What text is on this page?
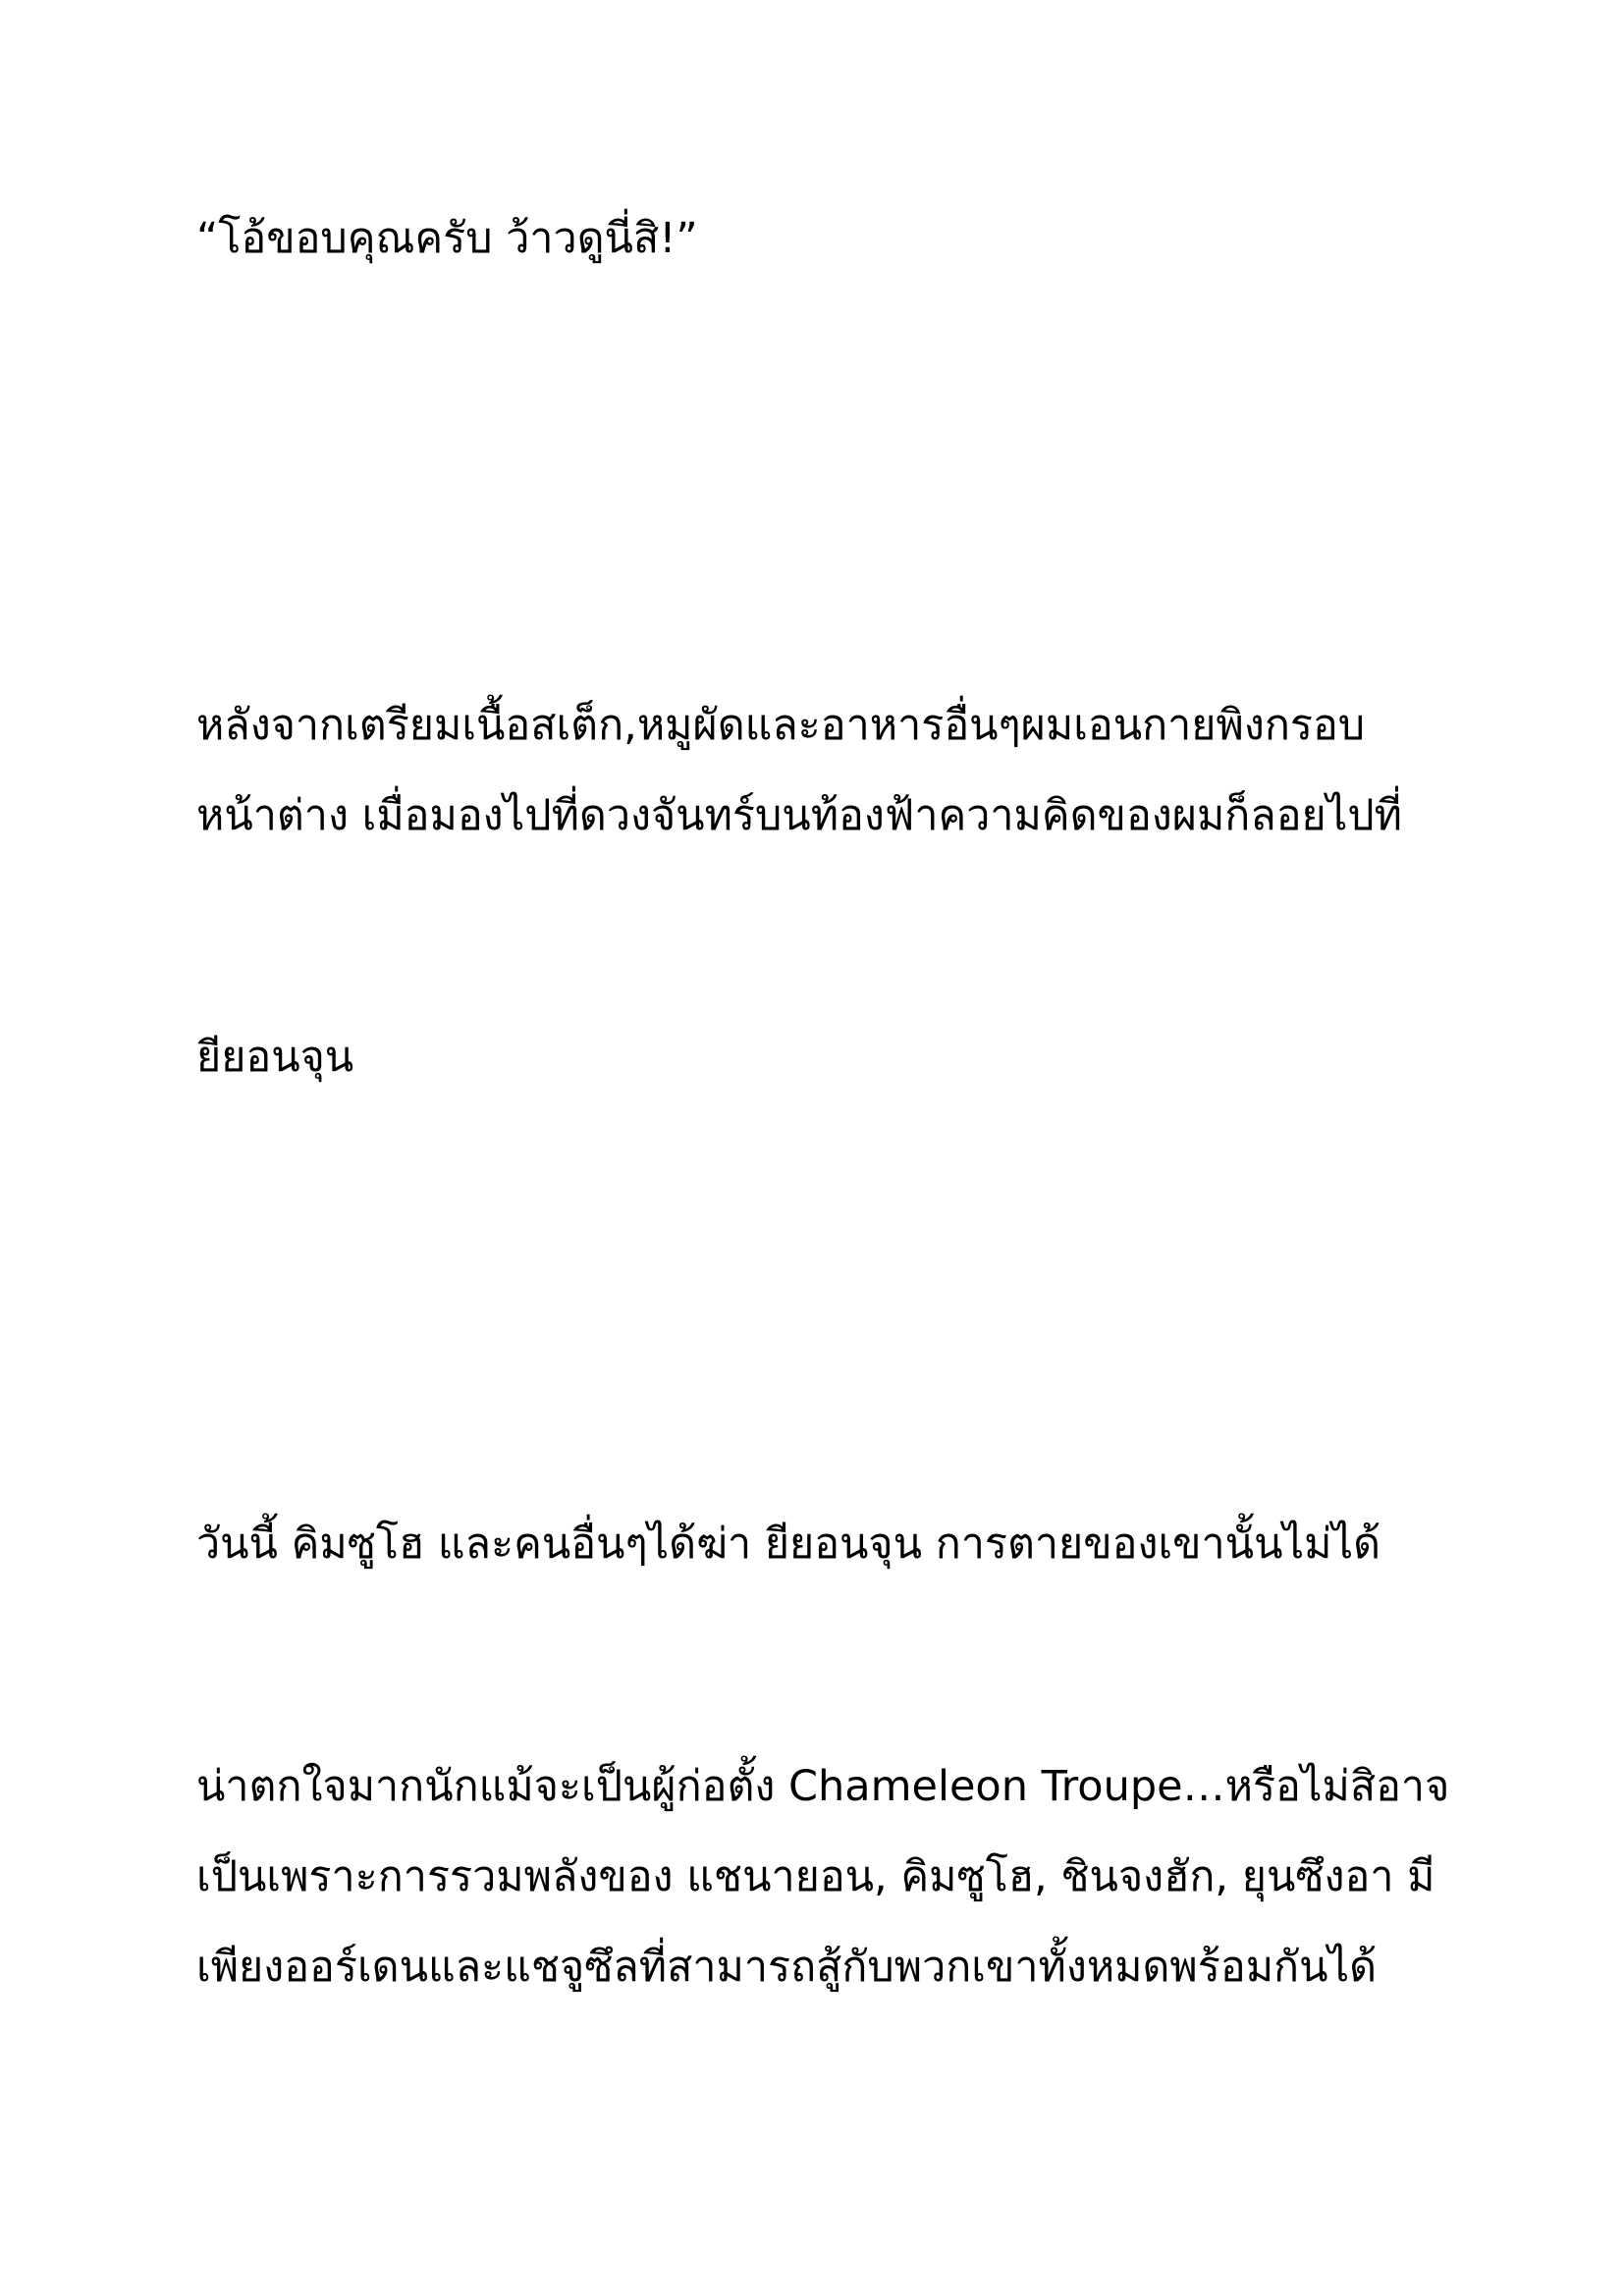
“โอ้ขอบคุณครับ ว้าวดูนี่สิ!”

หลังจากเตรียมเนื้อสเต็ก,หมูผัดและอาหารอื่นๆผมเอนกายพิงกรอบ

หน้าต่าง เมื่อมองไปที่ดวงจันทร์บนท้องฟ้าความคิดของผมก็ลอยไปที่

ยียอนจุน

วันนี้ คิมซูโฮ และคนอื่นๆได้ฆ่า ยียอนจุน การตายของเขานั้นไม่ได้

น่าตกใจมากนักแม้จะเป็นผู้ก่อตั้ง Chameleon Troupe…หรือไม่สิอาจ

เป็นเพราะการรวมพลังของ แชนายอน, คิมซูโฮ, ชินจงฮัก, ยุนซึงอา มี

เพียงออร์เดนและแชจูซึลที่สามารถสู้กับพวกเขาทั้งหมดพร้อมกันได้
